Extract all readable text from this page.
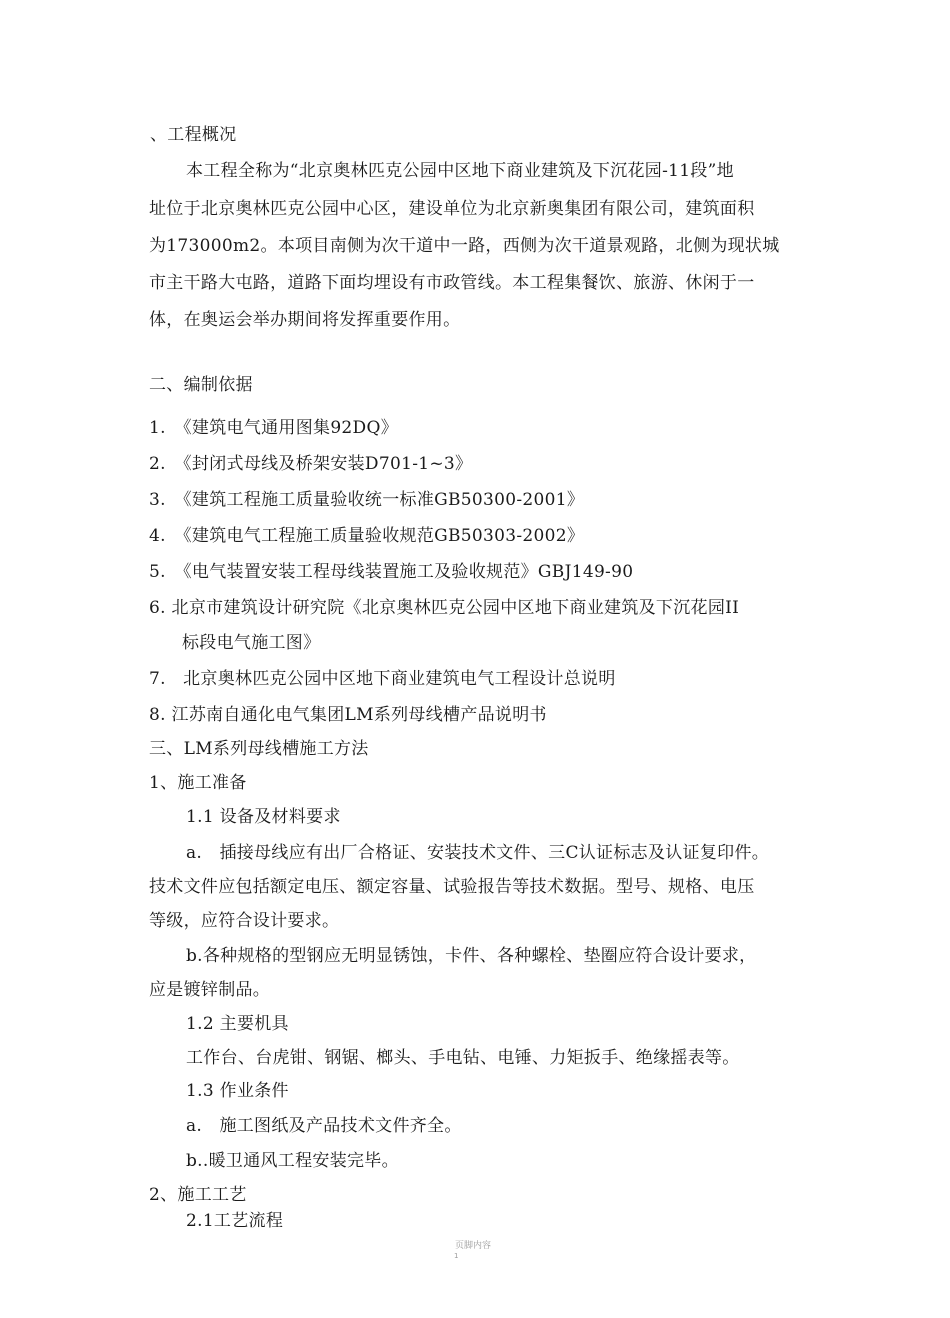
、工程概况
本工程全称为“北京奥林匹克公园中区地下商业建筑及下沉花园-11段”地
址位于北京奥林匹克公园中心区，建设单位为北京新奥集团有限公司，建筑面积
为173000m2。本项目南侧为次干道中一路，西侧为次干道景观路，北侧为现状城
市主干路大屯路，道路下面均埋设有市政管线。本工程集餐饮、旅游、休闲于一
体，在奥运会举办期间将发挥重要作用。
二、编制依据
1.　《建筑电气通用图集92DQ》
2.　《封闭式母线及桥架安装D701-1~3》
3.　《建筑工程施工质量验收统一标准GB50300-2001》
4.　《建筑电气工程施工质量验收规范GB50303-2002》
5.　《电气装置安装工程母线装置施工及验收规范》GBJ149-90
6. 北京市建筑设计研究院《北京奥林匹克公园中区地下商业建筑及下沉花园II
标段电气施工图》
7.　北京奥林匹克公园中区地下商业建筑电气工程设计总说明
8. 江苏南自通化电气集团LM系列母线槽产品说明书
三、LM系列母线槽施工方法
1、施工准备
1.1 设备及材料要求
a.　插接母线应有出厂合格证、安装技术文件、三C认证标志及认证复印件。
技术文件应包括额定电压、额定容量、试验报告等技术数据。型号、规格、电压
等级，应符合设计要求。
b.各种规格的型钢应无明显锈蚀，卡件、各种螺栓、垫圈应符合设计要求，
应是镀锌制品。
1.2 主要机具
工作台、台虎钳、钢锯、榔头、手电钻、电锤、力矩扳手、绝缘摇表等。
1.3 作业条件
a.　施工图纸及产品技术文件齐全。
b..暖卫通风工程安装完毕。
2、施工工艺
2.1工艺流程
页脚内容
1
